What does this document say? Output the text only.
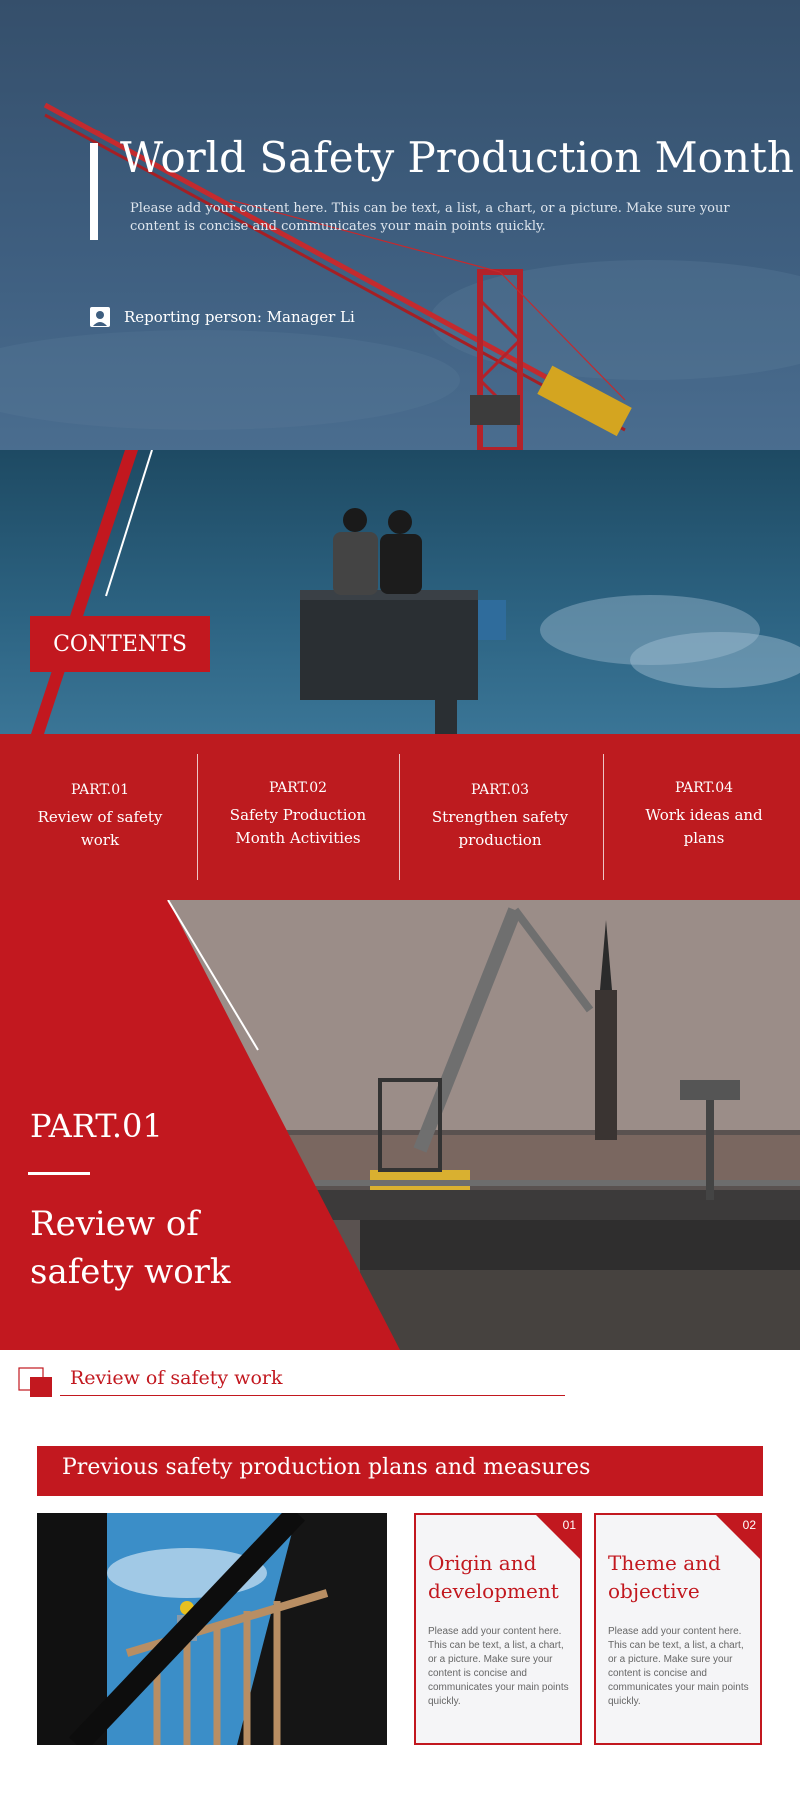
World Safety Production Month
Please add your content here. This can be text, a list, a chart, or a picture. Make sure your content is concise and communicates your main points quickly.
Reporting person: Manager Li
CONTENTS
PART.01
Review of safety work
PART.02
Safety Production Month Activities
PART.03
Strengthen safety production
PART.04
Work ideas and plans
PART.01
Review of safety work
Review of safety work
Previous safety production plans and measures
01
Origin and development
Please add your content here. This can be text, a list, a chart, or a picture. Make sure your content is concise and communicates your main points quickly.
02
Theme and objective
Please add your content here. This can be text, a list, a chart, or a picture. Make sure your content is concise and communicates your main points quickly.
